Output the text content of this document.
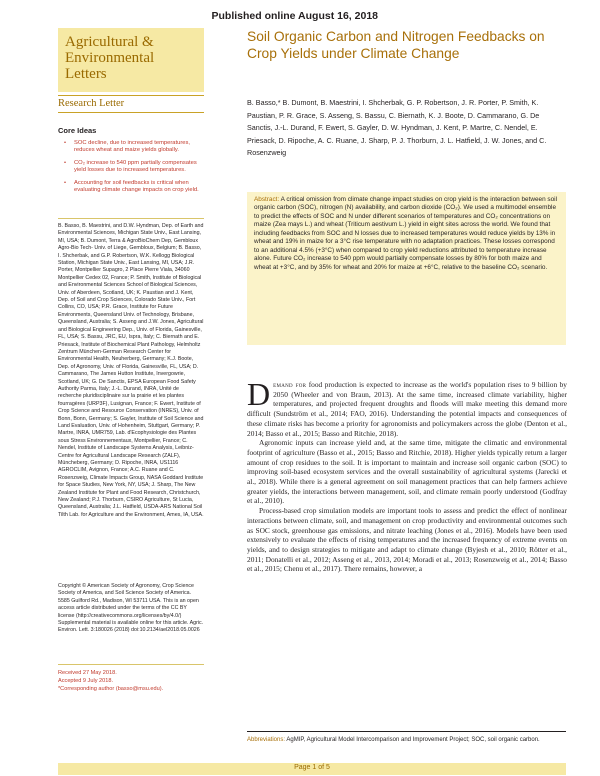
Published online August 16, 2018
Agricultural &
Environmental
Letters
Soil Organic Carbon and Nitrogen Feedbacks on Crop Yields under Climate Change
Research Letter
Core Ideas
• SOC decline, due to increased temperatures, reduces wheat and maize yields globally.
• CO₂ increase to 540 ppm partially compensates yield losses due to increased temperatures.
• Accounting for soil feedbacks is critical when evaluating climate change impacts on crop yield.
B. Basso, B. Maestrini, and D.W. Hyndman, Dep. of Earth and Environmental Sciences, Michigan State Univ., East Lansing, MI, USA; B. Dumont, Terra & AgroBioChem Dep, Gembloux Agro-Bio Tech- Univ. of Liege, Gembloux, Belgium; B. Basso, I. Shcherbak, and G.P. Robertson, W.K. Kellogg Biological Station, Michigan State Univ., East Lansing, MI, USA; J.R. Porter, Montpellier Supagro, 2 Place Pierre Viala, 34060 Montpellier Cedex 02, France; P. Smith, Institute of Biological and Environmental Sciences School of Biological Sciences, Univ. of Aberdeen, Scotland, UK; K. Paustian and J. Kent, Dep. of Soil and Crop Sciences, Colorado State Univ., Fort Collins, CO, USA; P.R. Grace, Institute for Future Environments, Queensland Univ. of Technology, Brisbane, Queensland, Australia; S. Asseng and J.W. Jones, Agricultural and Biological Engineering Dep., Univ. of Florida, Gainesville, FL, USA; S. Bassu, JRC, EU, Ispra, Italy; C. Biernath and E. Priesack, Institute of Biochemical Plant Pathology, Helmholtz Zentrum München-German Research Center for Environmental Health, Neuherberg, Germany; K.J. Boote, Dep. of Agronomy, Univ. of Florida, Gainesville, FL, USA; D. Cammarano, The James Hutton Institute, Invergowrie, Scotland, UK; G. De Sanctis, EPSA European Food Safety Authority Parma, Italy; J.-L. Durand, INRA, Unité de recherche pluridisciplinaire sur la prairie et les plantes fourragères (URP3F), Lusignan, France; F. Ewert, Institute of Crop Science and Resource Conservation (INRES), Univ. of Bonn, Bonn, Germany; S. Gayler, Institute of Soil Science and Land Evaluation, Univ. of Hohenheim, Stuttgart, Germany; P. Martre, INRA, UMR759, Lab. d'Ecophysiologie des Plantes sous Stress Environnementaux, Montpellier, France; C. Nendel, Institute of Landscape Systems Analysis, Leibniz-Centre for Agricultural Landscape Research (ZALF), Müncheberg, Germany; D. Ripoche, INRA, US1116 AGROCLIM, Avignon, France; A.C. Ruane and C. Rosenzweig, Climate Impacts Group, NASA Goddard Institute for Space Studies, New York, NY, USA; J. Sharp, The New Zealand Institute for Plant and Food Research, Christchurch, New Zealand; P.J. Thorburn, CSIRO Agriculture, St Lucia, Queensland, Australia; J.L. Hatfield, USDA-ARS National Soil Tilth Lab. for Agriculture and the Environment, Ames, IA, USA.
Copyright © American Society of Agronomy, Crop Science Society of America, and Soil Science Society of America. 5585 Guilford Rd., Madison, WI 53711 USA. This is an open access article distributed under the terms of the CC BY license (http://creativecommons.org/licenses/by/4.0/) Supplemental material is available online for this article. Agric. Environ. Lett. 3:180026 (2018) doi:10.2134/ael2018.05.0026
Received 27 May 2018.
Accepted 9 July 2018.
*Corresponding author (basso@msu.edu).
B. Basso,* B. Dumont, B. Maestrini, I. Shcherbak, G. P. Robertson, J. R. Porter, P. Smith, K. Paustian, P. R. Grace, S. Asseng, S. Bassu, C. Biernath, K. J. Boote, D. Cammarano, G. De Sanctis, J.-L. Durand, F. Ewert, S. Gayler, D. W. Hyndman, J. Kent, P. Martre, C. Nendel, E. Priesack, D. Ripoche, A. C. Ruane, J. Sharp, P. J. Thorburn, J. L. Hatfield, J. W. Jones, and C. Rosenzweig

Abstract: A critical omission from climate change impact studies on crop yield is the interaction between soil organic carbon (SOC), nitrogen (N) availability, and carbon dioxide (CO₂). We used a multimodel ensemble to predict the effects of SOC and N under different scenarios of temperatures and CO₂ concentrations on maize (Zea mays L.) and wheat (Triticum aestivum L.) yield in eight sites across the world. We found that including feedbacks from SOC and N losses due to increased temperatures would reduce yields by 13% in wheat and 19% in maize for a 3°C rise temperature with no adaptation practices. These losses correspond to an additional 4.5% (+3°C) when compared to crop yield reductions attributed to temperature increase alone. Future CO₂ increase to 540 ppm would partially compensate losses by 80% for both maize and wheat at +3°C, and by 35% for wheat and 20% for maize at +6°C, relative to the baseline CO₂ scenario.

Demand for food production is expected to increase as the world's population rises to 9 billion by 2050 (Wheeler and von Braun, 2013). At the same time, increased climate variability, higher temperatures, and projected frequent droughts and floods will make meeting this demand more difficult (Sundström et al., 2014; FAO, 2016). Understanding the potential impacts and consequences of these climate risks has become a priority for agronomists and policymakers across the globe (Denton et al., 2014; Basso et al., 2015; Basso and Ritchie, 2018).

Agronomic inputs can increase yield and, at the same time, mitigate the climatic and environmental footprint of agriculture (Basso et al., 2015; Basso and Ritchie, 2018). Higher yields typically return a larger amount of crop residues to the soil. It is important to maintain and increase soil organic carbon (SOC) to improving soil-based ecosystem services and the overall sustainability of agricultural systems (Jarecki et al., 2018). While there is a general agreement on soil management practices that can help farmers achieve greater yields, the interactions between management, soil, and climate remain poorly understood (Godfray et al., 2010).

Process-based crop simulation models are important tools to assess and predict the effect of nonlinear interactions between climate, soil, and management on crop productivity and environmental outcomes such as SOC stock, greenhouse gas emissions, and nitrate leaching (Jones et al., 2016). Models have been used extensively to evaluate the effects of rising temperatures and the increased frequency of extreme events on yields, and to design strategies to mitigate and adapt to climate change (Byjesh et al., 2010; Rötter et al., 2011; Donatelli et al., 2012; Asseng et al., 2013, 2014; Moradi et al., 2013; Rosenzweig et al., 2014; Basso et al., 2015; Chenu et al., 2017). There remains, however, a

Abbreviations: AgMIP, Agricultural Model Intercomparison and Improvement Project; SOC, soil organic carbon.
Page 1 of 5
